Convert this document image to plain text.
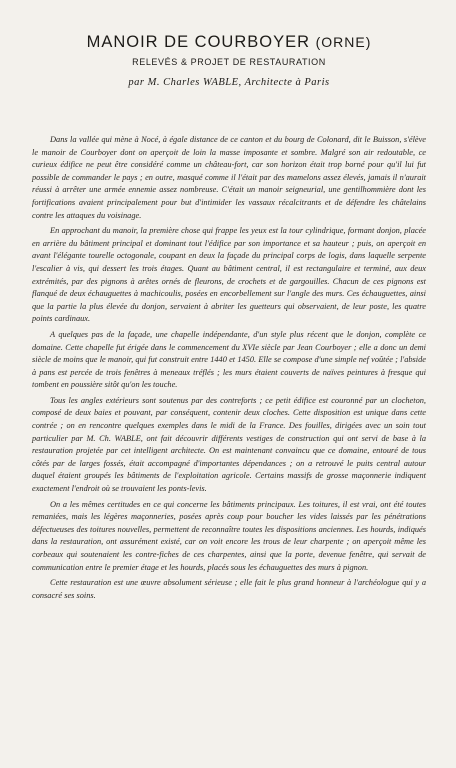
MANOIR DE COURBOYER (ORNE)
RELEVÉS & PROJET DE RESTAURATION
par M. Charles WABLE, Architecte à Paris

Dans la vallée qui mène à Nocé, à égale distance de ce canton et du bourg de Colonard, dit le Buisson, s'élève le manoir de Courboyer dont on aperçoit de loin la masse imposante et sombre. Malgré son air redoutable, ce curieux édifice ne peut être considéré comme un château-fort, car son horizon était trop borné pour qu'il lui fut possible de commander le pays ; en outre, masqué comme il l'était par des mamelons assez élevés, jamais il n'aurait réussi à arrêter une armée ennemie assez nombreuse. C'était un manoir seigneurial, une gentilhommière dont les fortifications avaient principalement pour but d'intimider les vassaux récalcitrants et de défendre les châtelains contre les attaques du voisinage.

En approchant du manoir, la première chose qui frappe les yeux est la tour cylindrique, formant donjon, placée en arrière du bâtiment principal et dominant tout l'édifice par son importance et sa hauteur ; puis, on aperçoit en avant l'élégante tourelle octogonale, coupant en deux la façade du principal corps de logis, dans laquelle serpente l'escalier à vis, qui dessert les trois étages. Quant au bâtiment central, il est rectangulaire et terminé, aux deux extrémités, par des pignons à arêtes ornés de fleurons, de crochets et de gargouilles. Chacun de ces pignons est flanqué de deux échauguettes à machicoulis, posées en encorbellement sur l'angle des murs. Ces échauguettes, ainsi que la partie la plus élevée du donjon, servaient à abriter les guetteurs qui observaient, de leur poste, les quatre points cardinaux.

A quelques pas de la façade, une chapelle indépendante, d'un style plus récent que le donjon, complète ce domaine. Cette chapelle fut érigée dans le commencement du XVIe siècle par Jean Courboyer ; elle a donc un demi siècle de moins que le manoir, qui fut construit entre 1440 et 1450. Elle se compose d'une simple nef voûtée ; l'abside à pans est percée de trois fenêtres à meneaux tréflés ; les murs étaient couverts de naïves peintures à fresque qui tombent en poussière sitôt qu'on les touche.

Tous les angles extérieurs sont soutenus par des contreforts ; ce petit édifice est couronné par un clocheton, composé de deux baies et pouvant, par conséquent, contenir deux cloches. Cette disposition est unique dans cette contrée ; on en rencontre quelques exemples dans le midi de la France. Des fouilles, dirigées avec un soin tout particulier par M. Ch. WABLE, ont fait découvrir différents vestiges de construction qui ont servi de base à la restauration projetée par cet intelligent architecte. On est maintenant convaincu que ce domaine, entouré de tous côtés par de larges fossés, était accompagné d'importantes dépendances ; on a retrouvé le puits central autour duquel étaient groupés les bâtiments de l'exploitation agricole. Certains massifs de grosse maçonnerie indiquent exactement l'endroit où se trouvaient les ponts-levis.

On a les mêmes certitudes en ce qui concerne les bâtiments principaux. Les toitures, il est vrai, ont été toutes remaniées, mais les légères maçonneries, posées après coup pour boucher les vides laissés par les pénétrations défectueuses des toitures nouvelles, permettent de reconnaître toutes les dispositions anciennes. Les hourds, indiqués dans la restauration, ont assurément existé, car on voit encore les trous de leur charpente ; on aperçoit même les corbeaux qui soutenaient les contre-fiches de ces charpentes, ainsi que la porte, devenue fenêtre, qui servait de communication entre le premier étage et les hourds, placés sous les échauguettes des murs à pignon.

Cette restauration est une œuvre absolument sérieuse ; elle fait le plus grand honneur à l'archéologue qui y a consacré ses soins.
